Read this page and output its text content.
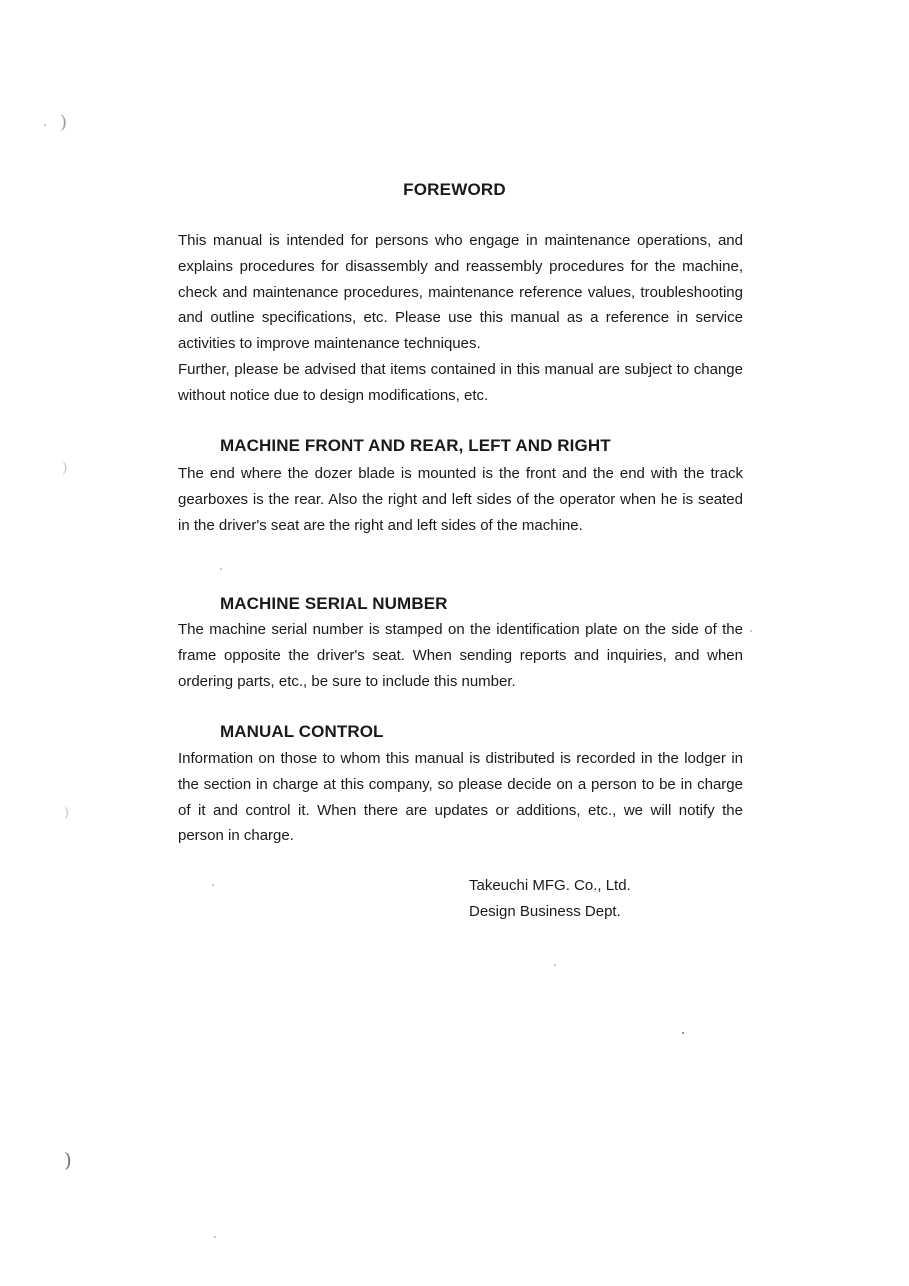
FOREWORD

This manual is intended for persons who engage in maintenance operations, and explains procedures for disassembly and reassembly procedures for the machine, check and maintenance procedures, maintenance reference values, troubleshooting and outline specifications, etc. Please use this manual as a reference in service activities to improve maintenance techniques.

Further, please be advised that items contained in this manual are subject to change without notice due to design modifications, etc.

MACHINE FRONT AND REAR, LEFT AND RIGHT

The end where the dozer blade is mounted is the front and the end with the track gearboxes is the rear. Also the right and left sides of the operator when he is seated in the driver's seat are the right and left sides of the machine.

MACHINE SERIAL NUMBER

The machine serial number is stamped on the identification plate on the side of the frame opposite the driver's seat. When sending reports and inquiries, and when ordering parts, etc., be sure to include this number.

MANUAL CONTROL

Information on those to whom this manual is distributed is recorded in the lodger in the section in charge at this company, so please decide on a person to be in charge of it and control it. When there are updates or additions, etc., we will notify the person in charge.

Takeuchi MFG. Co., Ltd.
Design Business Dept.
)
)
)
)
